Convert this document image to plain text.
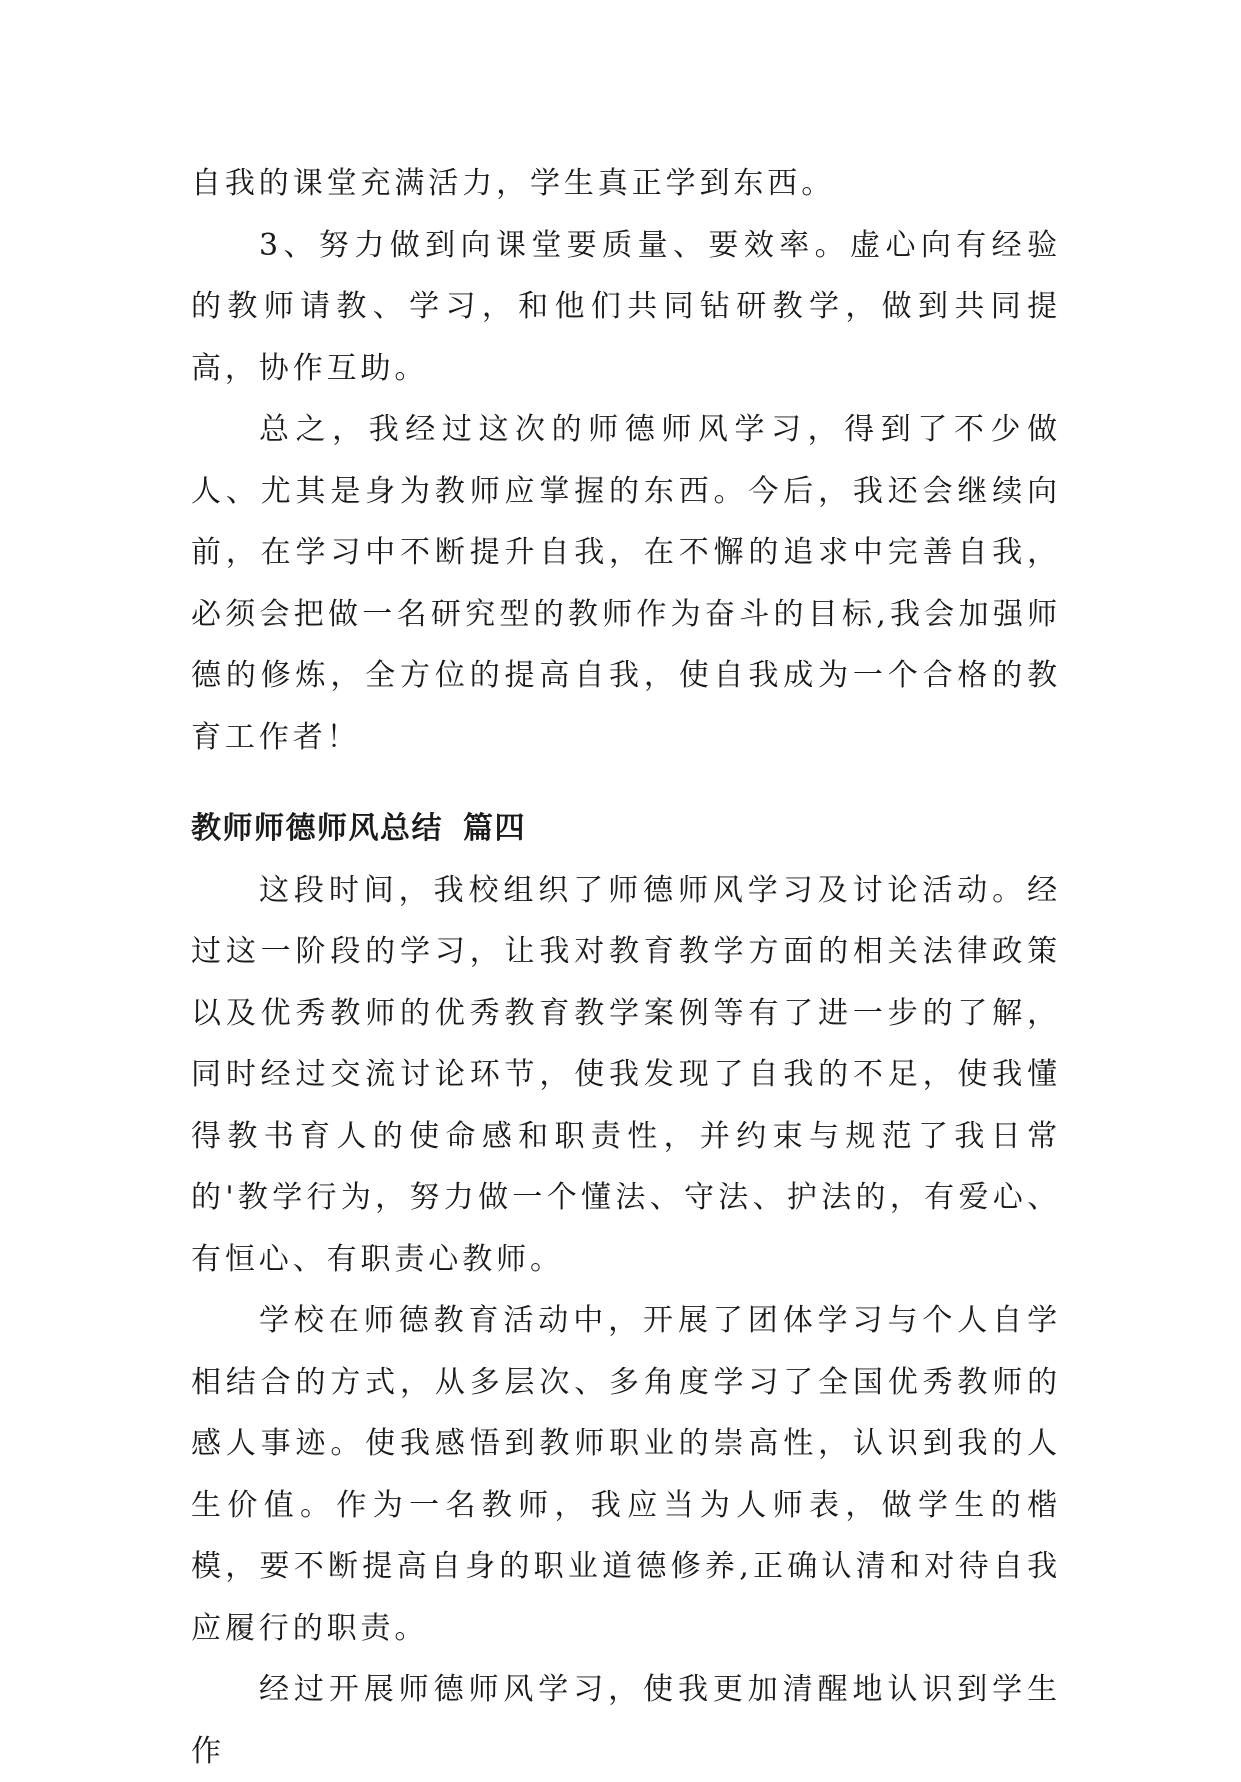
自我的课堂充满活力，学生真正学到东西。

3、努力做到向课堂要质量、要效率。虚心向有经验的教师请教、学习，和他们共同钻研教学，做到共同提高，协作互助。

总之，我经过这次的师德师风学习，得到了不少做人、尤其是身为教师应掌握的东西。今后，我还会继续向前，在学习中不断提升自我，在不懈的追求中完善自我，必须会把做一名研究型的教师作为奋斗的目标,我会加强师德的修炼，全方位的提高自我，使自我成为一个合格的教育工作者！

教师师德师风总结 篇四

这段时间，我校组织了师德师风学习及讨论活动。经过这一阶段的学习，让我对教育教学方面的相关法律政策以及优秀教师的优秀教育教学案例等有了进一步的了解，同时经过交流讨论环节，使我发现了自我的不足，使我懂得教书育人的使命感和职责性，并约束与规范了我日常的'教学行为，努力做一个懂法、守法、护法的，有爱心、有恒心、有职责心教师。

学校在师德教育活动中，开展了团体学习与个人自学相结合的方式，从多层次、多角度学习了全国优秀教师的感人事迹。使我感悟到教师职业的崇高性，认识到我的人生价值。作为一名教师，我应当为人师表，做学生的楷模，要不断提高自身的职业道德修养,正确认清和对待自我应履行的职责。

经过开展师德师风学习，使我更加清醒地认识到学生作
